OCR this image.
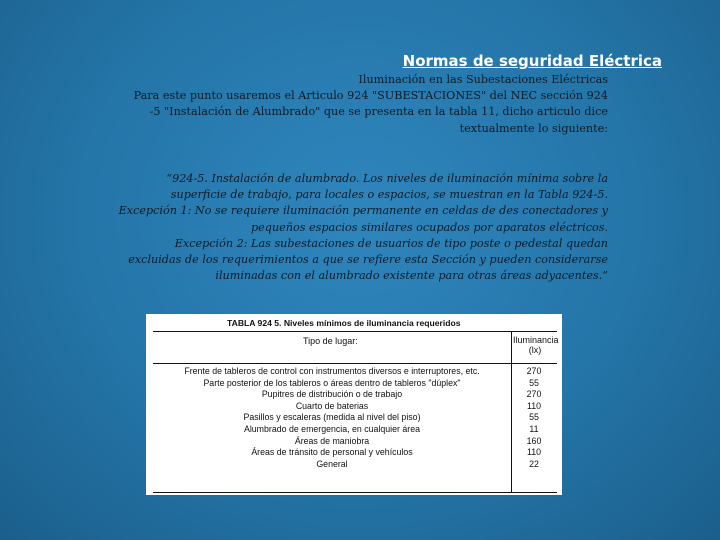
Normas de seguridad Eléctrica
Iluminación en las Subestaciones Eléctricas
Para este punto usaremos el Articulo 924 "SUBESTACIONES" del NEC sección 924
-5 "Instalación de Alumbrado" que se presenta en la tabla 11, dicho articulo dice
textualmente lo siguiente:
“924-5. Instalación de alumbrado. Los niveles de iluminación mínima sobre la
superficie de trabajo, para locales o espacios, se muestran en la Tabla 924-5.
Excepción 1: No se requiere iluminación permanente en celdas de des conectadores y
pequeños espacios similares ocupados por aparatos eléctricos.
Excepción 2: Las subestaciones de usuarios de tipo poste o pedestal quedan
excluidas de los requerimientos a que se refiere esta Sección y pueden considerarse
iluminadas con el alumbrado existente para otras áreas adyacentes.”
TABLA 924 5. Niveles mínimos de iluminancia requeridos
Tipo de lugar:	Iluminancia
(lx)
Frente de tableros de control con instrumentos diversos e interruptores, etc.	270
Parte posterior de los tableros o áreas dentro de tableros "dúplex"	55
Pupitres de distribución o de trabajo	270
Cuarto de baterias	110
Pasillos y escaleras (medida al nivel del piso)	55
Alumbrado de emergencia, en cualquier área	11
Áreas de maniobra	160
Áreas de tránsito de personal y vehículos	110
General	22
